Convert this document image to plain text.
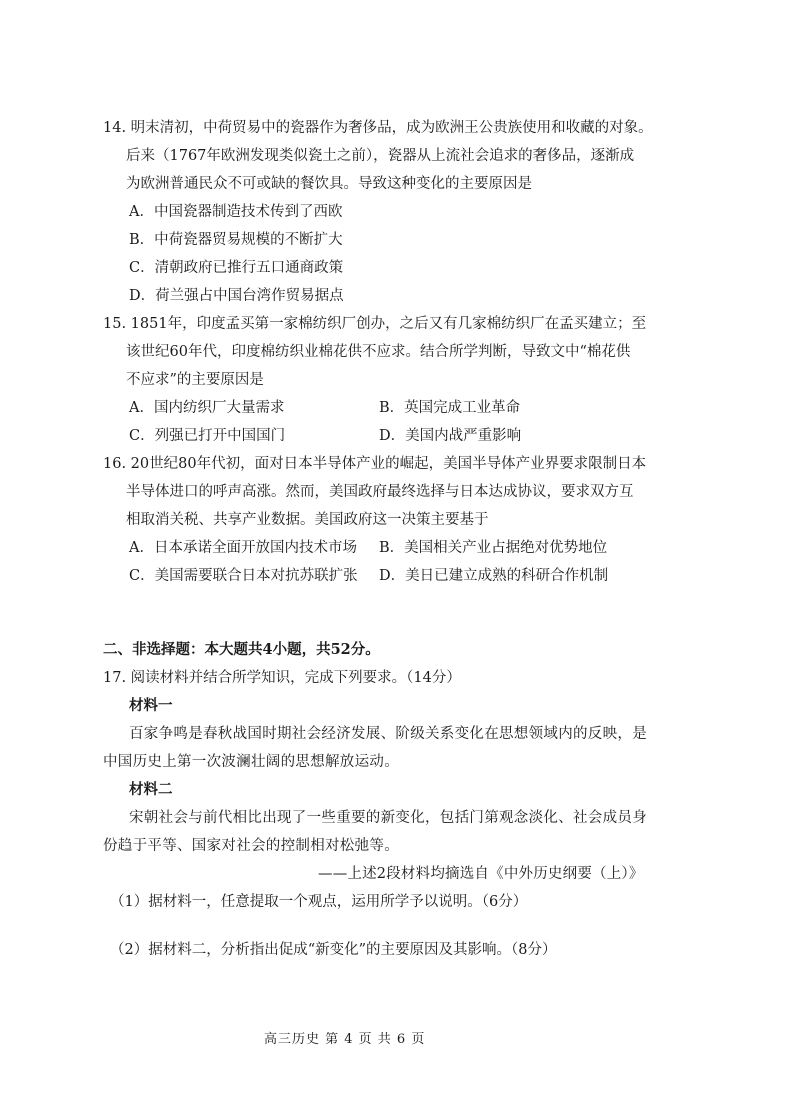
14. 明末清初，中荷贸易中的瓷器作为奢侈品，成为欧洲王公贵族使用和收藏的对象。
后来（1767年欧洲发现类似瓷土之前），瓷器从上流社会追求的奢侈品，逐渐成
为欧洲普通民众不可或缺的餐饮具。导致这种变化的主要原因是
A．中国瓷器制造技术传到了西欧
B．中荷瓷器贸易规模的不断扩大
C．清朝政府已推行五口通商政策
D．荷兰强占中国台湾作贸易据点
15. 1851年，印度孟买第一家棉纺织厂创办，之后又有几家棉纺织厂在孟买建立；至
该世纪60年代，印度棉纺织业棉花供不应求。结合所学判断，导致文中“棉花供
不应求”的主要原因是
A．国内纺织厂大量需求	B．英国完成工业革命
C．列强已打开中国国门	D．美国内战严重影响
16. 20世纪80年代初，面对日本半导体产业的崛起，美国半导体产业界要求限制日本
半导体进口的呼声高涨。然而，美国政府最终选择与日本达成协议，要求双方互
相取消关税、共享产业数据。美国政府这一决策主要基于
A．日本承诺全面开放国内技术市场 B．美国相关产业占据绝对优势地位
C．美国需要联合日本对抗苏联扩张 D．美日已建立成熟的科研合作机制
二、非选择题：本大题共4小题，共52分。
17. 阅读材料并结合所学知识，完成下列要求。（14分）
材料一
百家争鸣是春秋战国时期社会经济发展、阶级关系变化在思想领域内的反映，是
中国历史上第一次波澜壮阔的思想解放运动。
材料二
宋朝社会与前代相比出现了一些重要的新变化，包括门第观念淡化、社会成员身
份趋于平等、国家对社会的控制相对松弛等。
——上述2段材料均摘选自《中外历史纲要（上）》
（1）据材料一，任意提取一个观点，运用所学予以说明。（6分）
（2）据材料二，分析指出促成“新变化”的主要原因及其影响。（8分）
高三历史 第 4 页 共 6 页
